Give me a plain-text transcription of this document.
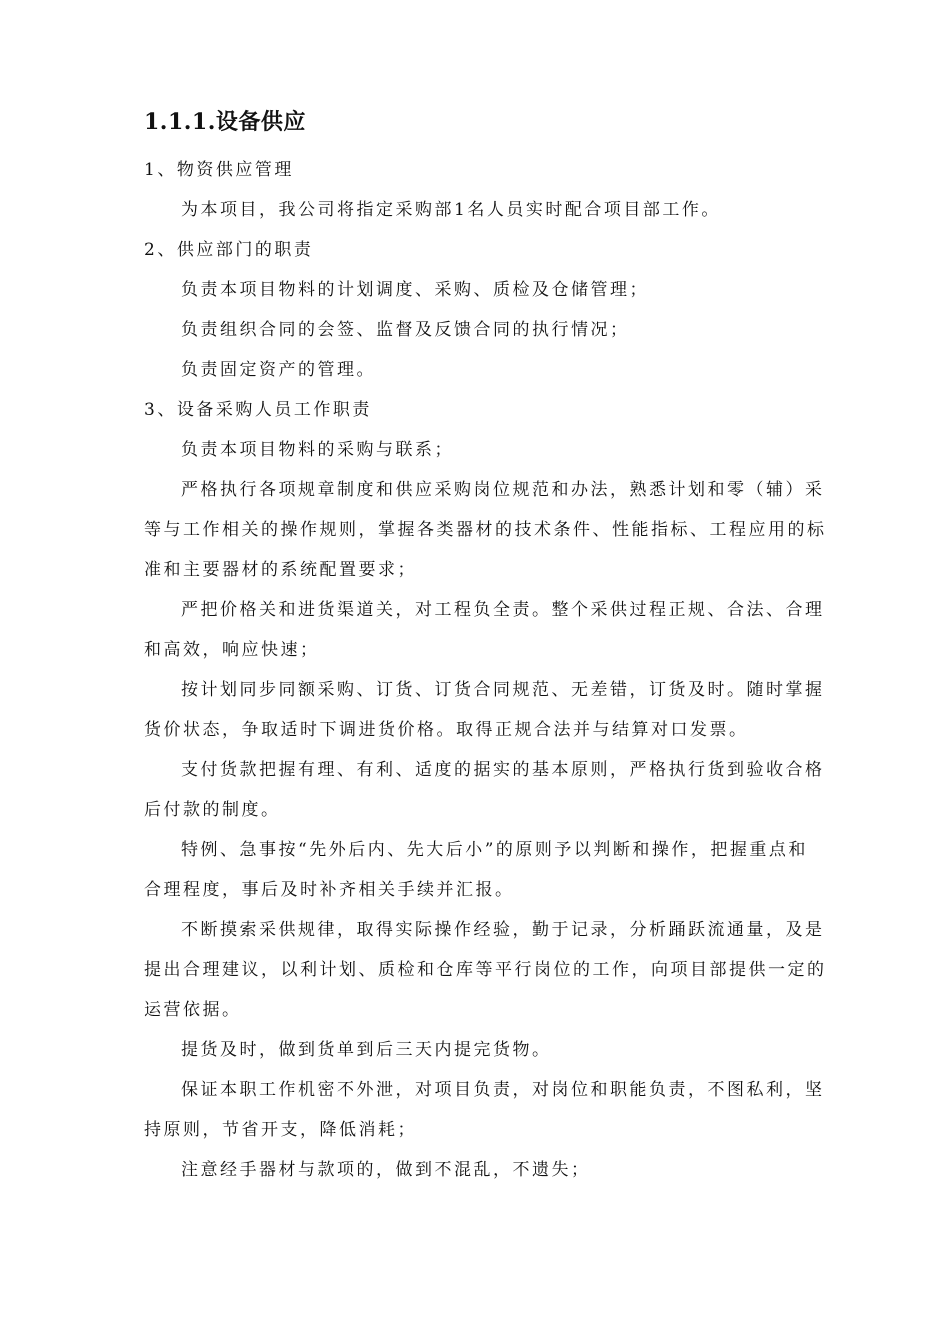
1.1.1.设备供应
1、物资供应管理
为本项目，我公司将指定采购部1名人员实时配合项目部工作。
2、供应部门的职责
负责本项目物料的计划调度、采购、质检及仓储管理；
负责组织合同的会签、监督及反馈合同的执行情况；
负责固定资产的管理。
3、设备采购人员工作职责
负责本项目物料的采购与联系；
严格执行各项规章制度和供应采购岗位规范和办法，熟悉计划和零（辅）采
等与工作相关的操作规则，掌握各类器材的技术条件、性能指标、工程应用的标
准和主要器材的系统配置要求；
严把价格关和进货渠道关，对工程负全责。整个采供过程正规、合法、合理
和高效，响应快速；
按计划同步同额采购、订货、订货合同规范、无差错，订货及时。随时掌握
货价状态，争取适时下调进货价格。取得正规合法并与结算对口发票。
支付货款把握有理、有利、适度的据实的基本原则，严格执行货到验收合格
后付款的制度。
特例、急事按“先外后内、先大后小”的原则予以判断和操作，把握重点和
合理程度，事后及时补齐相关手续并汇报。
不断摸索采供规律，取得实际操作经验，勤于记录，分析踊跃流通量，及是
提出合理建议，以利计划、质检和仓库等平行岗位的工作，向项目部提供一定的
运营依据。
提货及时，做到货单到后三天内提完货物。
保证本职工作机密不外泄，对项目负责，对岗位和职能负责，不图私利，坚
持原则，节省开支，降低消耗；
注意经手器材与款项的，做到不混乱，不遗失；
